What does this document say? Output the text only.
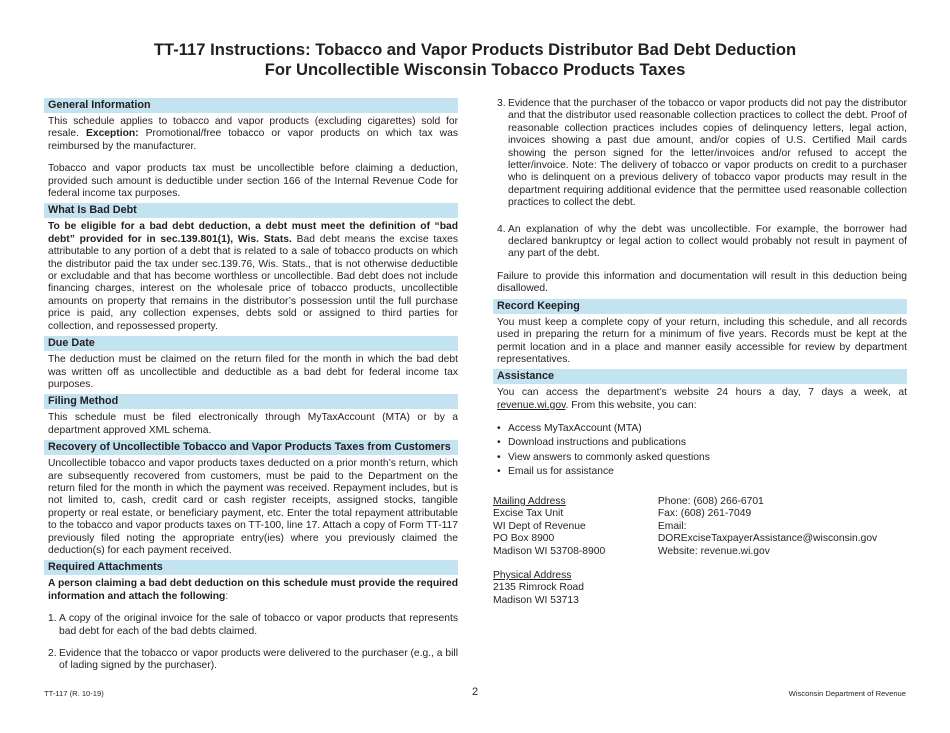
TT-117 Instructions: Tobacco and Vapor Products Distributor Bad Debt Deduction
For Uncollectible Wisconsin Tobacco Products Taxes
General Information
This schedule applies to tobacco and vapor products (excluding cigarettes) sold for resale. Exception: Promotional/free tobacco or vapor products on which tax was reimbursed by the manufacturer.
Tobacco and vapor products tax must be uncollectible before claiming a deduction, provided such amount is deductible under section 166 of the Internal Revenue Code for federal income tax purposes.
What Is Bad Debt
To be eligible for a bad debt deduction, a debt must meet the definition of “bad debt” provided for in sec.139.801(1), Wis. Stats. Bad debt means the excise taxes attributable to any portion of a debt that is related to a sale of tobacco products on which the distributor paid the tax under sec.139.76, Wis. Stats., that is not otherwise deductible or excludable and that has become worthless or uncollectible. Bad debt does not include financing charges, interest on the wholesale price of tobacco products, uncollectible amounts on property that remains in the distributor’s possession until the full purchase price is paid, any collection expenses, debts sold or assigned to third parties for collection, and repossessed property.
Due Date
The deduction must be claimed on the return filed for the month in which the bad debt was written off as uncollectible and deductible as a bad debt for federal income tax purposes.
Filing Method
This schedule must be filed electronically through MyTaxAccount (MTA) or by a department approved XML schema.
Recovery of Uncollectible Tobacco and Vapor Products Taxes from Customers
Uncollectible tobacco and vapor products taxes deducted on a prior month’s return, which are subsequently recovered from customers, must be paid to the Department on the return filed for the month in which the payment was received. Repayment includes, but is not limited to, cash, credit card or cash register receipts, assigned stocks, tangible property or real estate, or beneficiary payment, etc. Enter the total repayment attributable to the tobacco and vapor products taxes on TT-100, line 17. Attach a copy of Form TT-117 previously filed noting the appropriate entry(ies) where you previously claimed the deduction(s) for each payment received.
Required Attachments
A person claiming a bad debt deduction on this schedule must provide the required information and attach the following:
1. A copy of the original invoice for the sale of tobacco or vapor products that represents bad debt for each of the bad debts claimed.
2. Evidence that the tobacco or vapor products were delivered to the purchaser (e.g., a bill of lading signed by the purchaser).
3. Evidence that the purchaser of the tobacco or vapor products did not pay the distributor and that the distributor used reasonable collection practices to collect the debt. Proof of reasonable collection practices includes copies of delinquency letters, legal action, invoices showing a past due amount, and/or copies of U.S. Certified Mail cards showing the person signed for the letter/invoices and/or refused to accept the letter/invoice. Note: The delivery of tobacco or vapor products on credit to a purchaser who is delinquent on a previous delivery of tobacco vapor products may result in the department requiring additional evidence that the permittee used reasonable collection practices to collect the debt.
4. An explanation of why the debt was uncollectible. For example, the borrower had declared bankruptcy or legal action to collect would probably not result in payment of any part of the debt.
Failure to provide this information and documentation will result in this deduction being disallowed.
Record Keeping
You must keep a complete copy of your return, including this schedule, and all records used in preparing the return for a minimum of five years. Records must be kept at the permit location and in a place and manner easily accessible for review by department representatives.
Assistance
You can access the department’s website 24 hours a day, 7 days a week, at revenue.wi.gov. From this website, you can:
• Access MyTaxAccount (MTA)
• Download instructions and publications
• View answers to commonly asked questions
• Email us for assistance
Mailing Address
Excise Tax Unit
WI Dept of Revenue
PO Box 8900
Madison WI 53708-8900
Phone: (608) 266-6701
Fax: (608) 261-7049
Email: DORExciseTaxpayerAssistance@wisconsin.gov
Website: revenue.wi.gov
Physical Address
2135 Rimrock Road
Madison WI 53713
TT-117 (R. 10-19)	2	Wisconsin Department of Revenue
